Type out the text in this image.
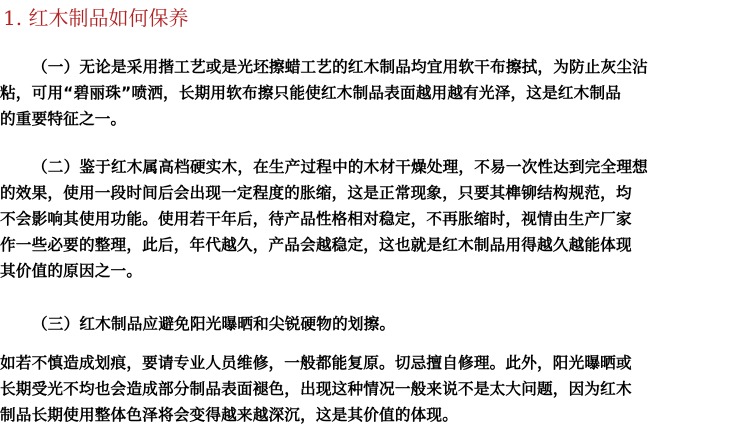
1. 红木制品如何保养

（一）无论是采用揩工艺或是光坯擦蜡工艺的红木制品均宜用软干布擦拭，为防止灰尘沾
粘，可用“碧丽珠”喷洒，长期用软布擦只能使红木制品表面越用越有光泽，这是红木制品
的重要特征之一。

（二）鉴于红木属高档硬实木，在生产过程中的木材干燥处理，不易一次性达到完全理想
的效果，使用一段时间后会出现一定程度的胀缩，这是正常现象，只要其榫铆结构规范，均
不会影响其使用功能。使用若干年后，待产品性格相对稳定，不再胀缩时，视情由生产厂家
作一些必要的整理，此后，年代越久，产品会越稳定，这也就是红木制品用得越久越能体现
其价值的原因之一。

（三）红木制品应避免阳光曝晒和尖锐硬物的划擦。

如若不慎造成划痕，要请专业人员维修，一般都能复原。切忌擅自修理。此外，阳光曝晒或
长期受光不均也会造成部分制品表面褪色，出现这种情况一般来说不是太大问题，因为红木
制品长期使用整体色泽将会变得越来越深沉，这是其价值的体现。
